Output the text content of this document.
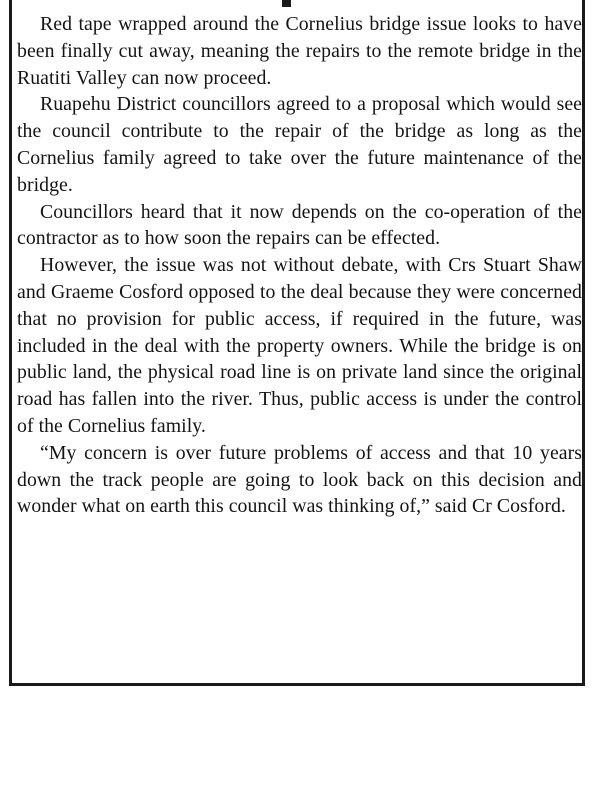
Red tape wrapped around the Cornelius bridge issue looks to have been finally cut away, meaning the repairs to the remote bridge in the Ruatiti Valley can now proceed.

Ruapehu District councillors agreed to a proposal which would see the council contribute to the repair of the bridge as long as the Cornelius family agreed to take over the future maintenance of the bridge.

Councillors heard that it now depends on the co-operation of the contractor as to how soon the repairs can be effected.

However, the issue was not without debate, with Crs Stuart Shaw and Graeme Cosford opposed to the deal because they were concerned that no provision for public access, if required in the future, was included in the deal with the property owners. While the bridge is on public land, the physical road line is on private land since the original road has fallen into the river. Thus, public access is under the control of the Cornelius family.

“My concern is over future problems of access and that 10 years down the track people are going to look back on this decision and wonder what on earth this council was thinking of,” said Cr Cosford.
